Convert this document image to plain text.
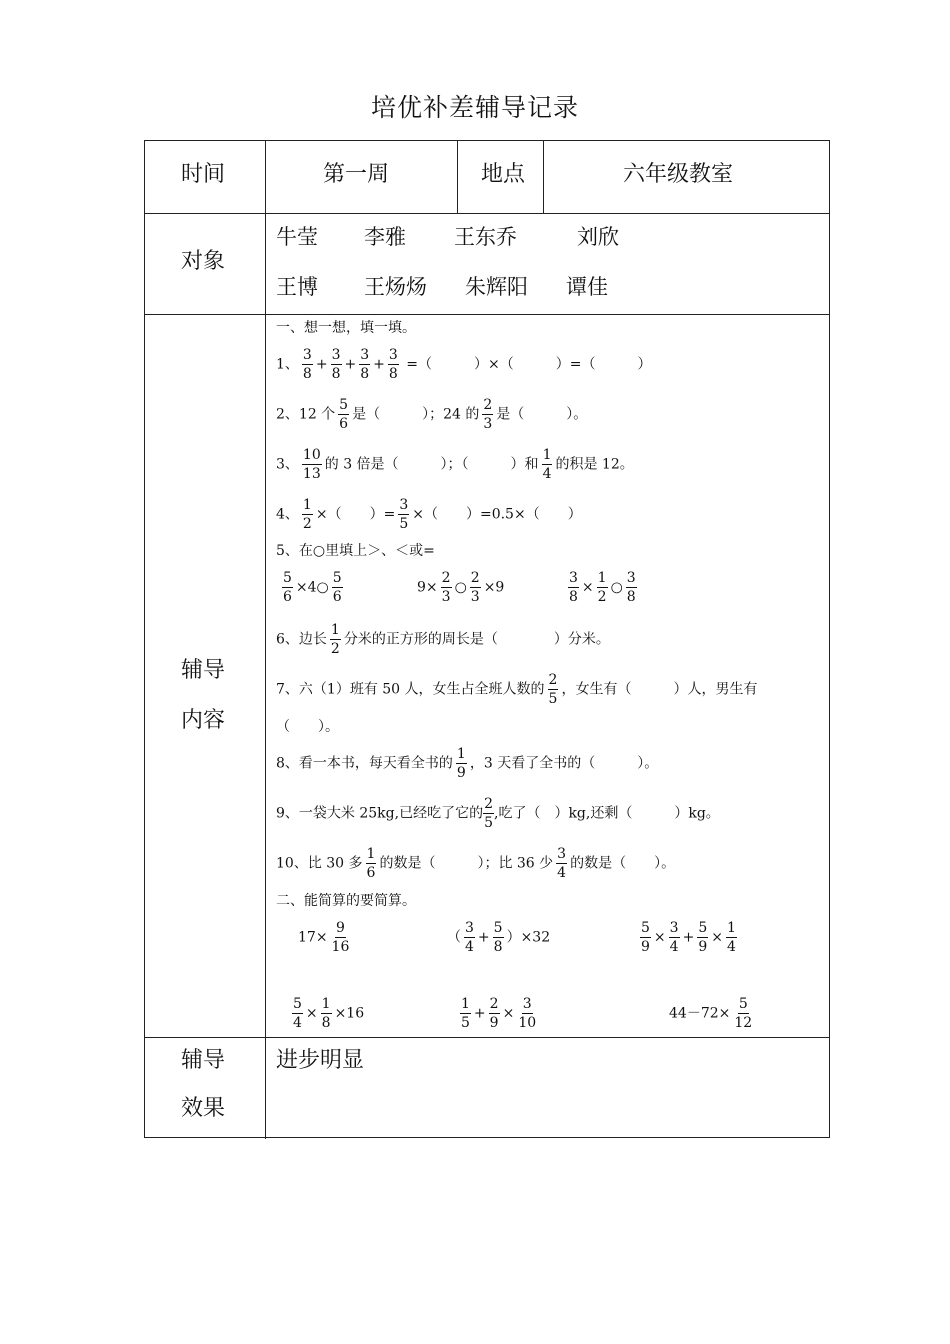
培优补差辅导记录
时间	第一周	地点	六年级教室
对象
牛莹 李雅 王东乔	刘欣
王博 王炀炀 朱辉阳 谭佳
辅导
内容
一、想一想，填一填。
1、 $\frac{3}{8} + \frac{3}{8} + \frac{3}{8} + \frac{3}{8}$ =（　　　）×（　　　）=（　　　）
2、12 个 $\frac{5}{6}$ 是（　　　）；24 的 $\frac{2}{3}$ 是（　　　）。
3、 $\frac{10}{13}$ 的 3 倍是（　　　）；（　　　）和 $\frac{1}{4}$ 的积是 12。
4、 $\frac{1}{2}$ ×（　　）= $\frac{3}{5}$ ×（　　）=0.5×（　　）
5、在○里填上＞、＜或=
$\frac{5}{6}$ ×4○ $\frac{5}{6}$	$9\times \frac{2}{3}$ ○ $\frac{2}{3} \times 9$	$\frac{3}{8} \times \frac{1}{2}$ ○ $\frac{3}{8}$
6、边长 $\frac{1}{2}$ 分米的正方形的周长是（　　　　）分米。
7、六（1）班有 50 人，女生占全班人数的 $\frac{2}{5}$ ，女生有（　　　）人，男生有
（　　）。
8、看一本书，每天看全书的 $\frac{1}{9}$ ，3 天看了全书的（　　　）。
9、一袋大米 25kg,已经吃了它的 $\frac{2}{5}$ ,吃了（　）kg,还剩（　　　）kg。
10、比 30 多 $\frac{1}{6}$ 的数是（　　　）；比 36 少 $\frac{3}{4}$ 的数是（　　）。
二、能简算的要简算。
$17\times \frac{9}{16}$	（ $\frac{3}{4} + \frac{5}{8} )\times 32$	$\frac{5}{9} \times \frac{3}{4} + \frac{5}{9} \times \frac{1}{4}$
$\frac{5}{4} \times \frac{1}{8} \times 16$	$\frac{1}{5} + \frac{2}{9} \times \frac{3}{10}$	$44-72\times \frac{5}{12}$
辅导
效果
进步明显
